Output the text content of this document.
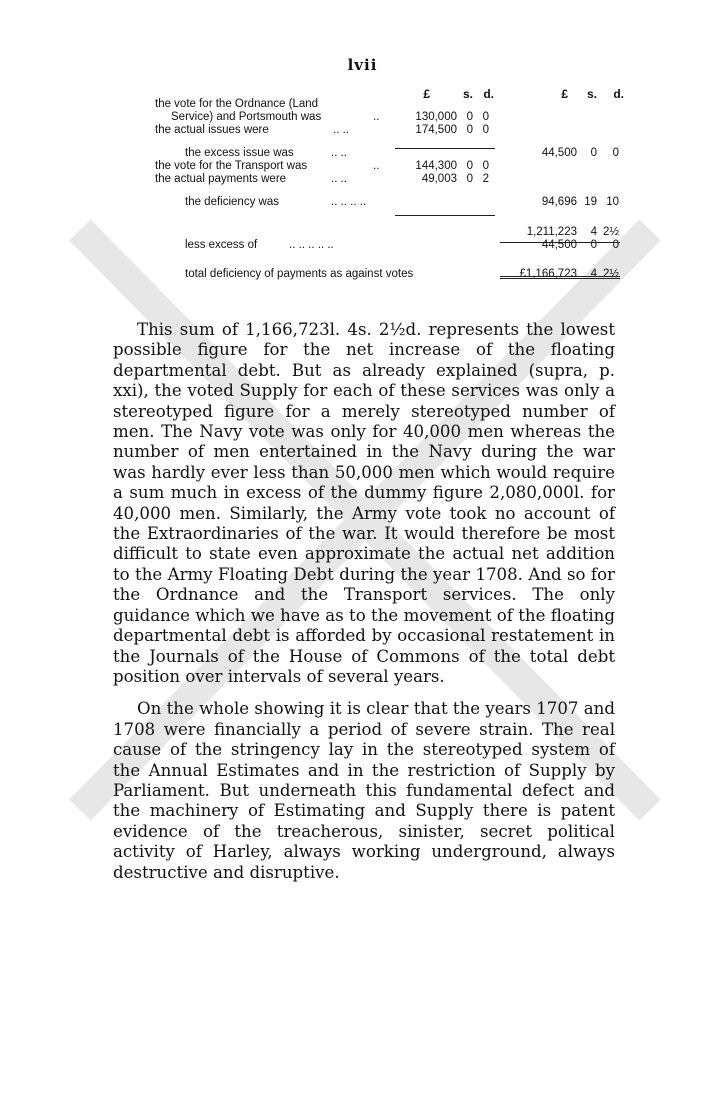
lvii
£	s. d.	£	s.	d.
the vote for the Ordnance (Land
Service) and Portsmouth was	..	130,000 0 0
the actual issues were	.. ..	174,500 0 0
the excess issue was	.. ..	44,500	0	0
the vote for the Transport was	..	144,300 0 0
the actual payments were	.. ..	49,003 0 2
the deficiency was	.. .. .. ..	94,696 19 10
1,211,223	4 2½
less excess of	.. .. .. .. ..	44,500	0	0
total deficiency of payments as against votes	£1,166,723	4 2½

This sum of 1,166,723l. 4s. 2½d. represents the lowest possible figure for the net increase of the floating departmental debt. But as already explained (supra, p. xxi), the voted Supply for each of these services was only a stereotyped figure for a merely stereotyped number of men. The Navy vote was only for 40,000 men whereas the number of men entertained in the Navy during the war was hardly ever less than 50,000 men which would require a sum much in excess of the dummy figure 2,080,000l. for 40,000 men. Similarly, the Army vote took no account of the Extraordinaries of the war. It would therefore be most difficult to state even approximate the actual net addition to the Army Floating Debt during the year 1708. And so for the Ordnance and the Transport services. The only guidance which we have as to the movement of the floating departmental debt is afforded by occasional restatement in the Journals of the House of Commons of the total debt position over intervals of several years.

On the whole showing it is clear that the years 1707 and 1708 were financially a period of severe strain. The real cause of the stringency lay in the stereotyped system of the Annual Estimates and in the restriction of Supply by Parliament. But underneath this fundamental defect and the machinery of Estimating and Supply there is patent evidence of the treacherous, sinister, secret political activity of Harley, always working underground, always destructive and disruptive.
